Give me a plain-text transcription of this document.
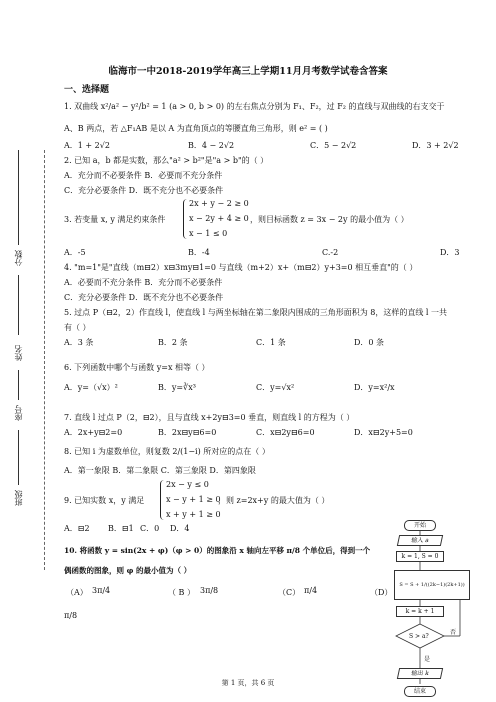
分数
姓名
座号
班级
临海市一中2018-2019学年高三上学期11月月考数学试卷含答案
一、选择题
1. 双曲线 x²/a² − y²/b² = 1 (a > 0, b > 0) 的左右焦点分别为 F₁、F₂，过 F₂ 的直线与双曲线的右支交于
A、B 两点，若 △F₁AB 是以 A 为直角顶点的等腰直角三角形，则 e² = ( )
A．1 + 2√2	B．4 − 2√2	C．5 − 2√2	D．3 + 2√2
2. 已知 a，b 都是实数，那么"a² > b²"是"a > b"的（ ）
A．充分而不必要条件 B．必要而不充分条件
C．充分必要条件 D．既不充分也不必要条件
3. 若变量 x, y 满足约束条件
2x + y − 2 ≥ 0
x − 2y + 4 ≥ 0
x − 1 ≤ 0
，则目标函数 z = 3x − 2y 的最小值为（ ）
A．-5	B．-4	C.-2	D．3
4. "m=1"是"直线（m⊟2）x⊟3my⊟1=0 与直线（m+2）x+（m⊟2）y+3=0 相互垂直"的（ ）
A．必要而不充分条件 B．充分而不必要条件
C．充分必要条件 D．既不充分也不必要条件
5. 过点 P（⊟2，2）作直线 l，使直线 l 与两坐标轴在第二象限内围成的三角形面积为 8，这样的直线 l 一共
有（ ）
A．3 条	B．2 条	C．1 条	D．0 条
6. 下列函数中哪个与函数 y=x 相等（ ）
A．y=（√x）²	B．y=∛x³	C．y=√x²	D．y=x²/x
7. 直线 l 过点 P（2，⊟2），且与直线 x+2y⊟3=0 垂直，则直线 l 的方程为（ ）
A．2x+y⊟2=0	B．2x⊟y⊟6=0	C．x⊟2y⊟6=0	D．x⊟2y+5=0
8. 已知 i 为虚数单位，则复数 2/(1−i) 所对应的点在（ ）
A．第一象限 B．第二象限 C．第三象限 D．第四象限
9. 已知实数 x，y 满足
2x − y ≤ 0
x − y + 1 ≥ 0
x + y + 1 ≥ 0
，则 z=2x+y 的最大值为（ ）
A．⊟2 B．⊟1 C．0 D．4
10. 将函数 y = sin(2x + φ)（φ > 0）的图象沿 x 轴向左平移 π/8 个单位后，得到一个
偶函数的图象，则 φ 的最小值为（ ）
（A） 3π/4	（ B ） 3π/8	（C） π/4	（D）
π/8
开始
输入 a
k = 1, S = 0
S = S + 1/((2k−1)(2k+1))
k = k + 1
S > a?
否
是
输出 k
结束
第 1 页，共 6 页
